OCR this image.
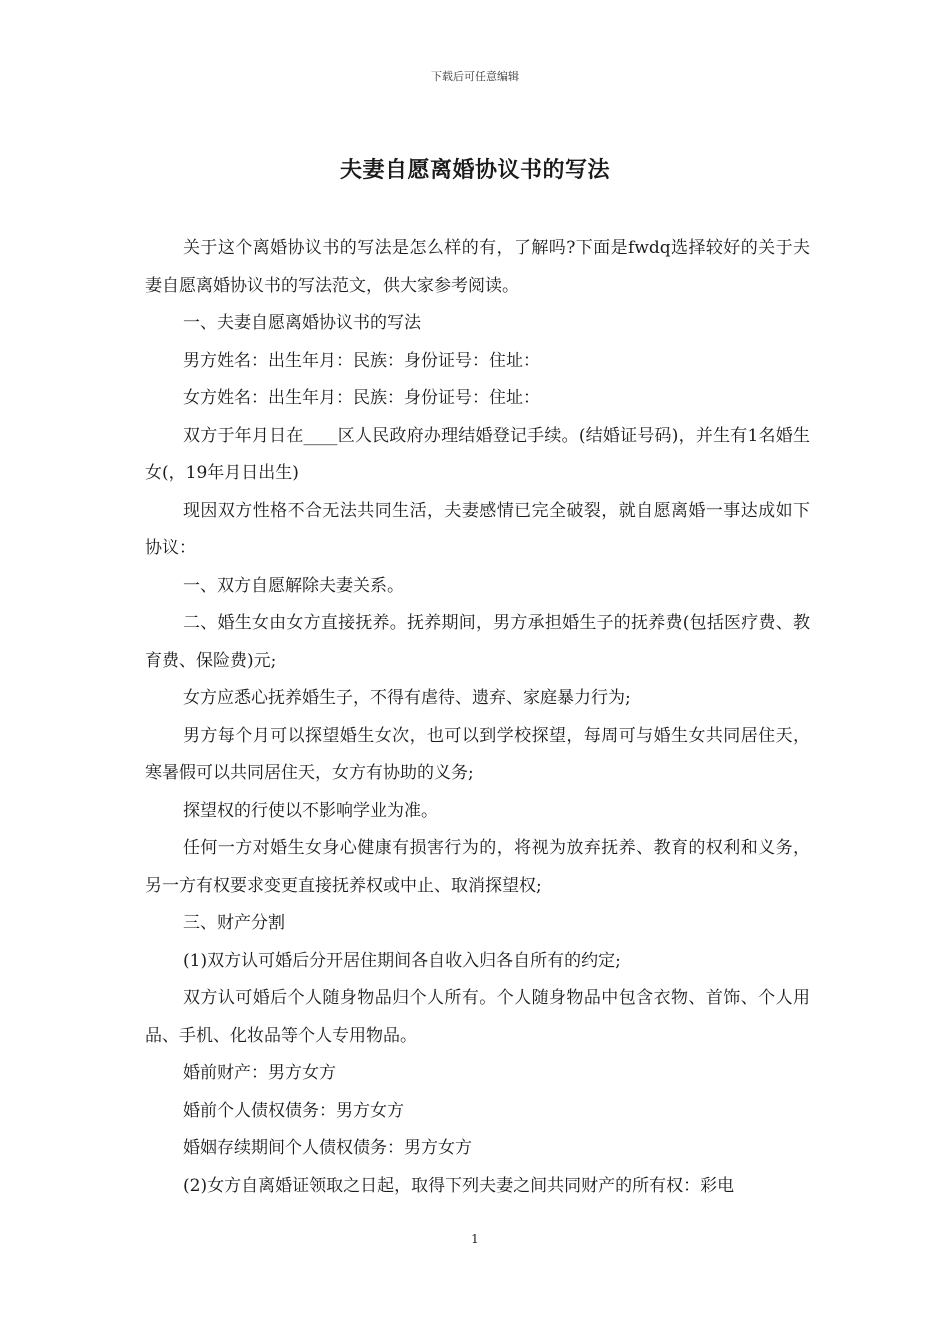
下载后可任意编辑
夫妻自愿离婚协议书的写法

关于这个离婚协议书的写法是怎么样的有，了解吗?下面是fwdq选择较好的关于夫妻自愿离婚协议书的写法范文，供大家参考阅读。

一、夫妻自愿离婚协议书的写法

男方姓名：出生年月：民族：身份证号：住址：

女方姓名：出生年月：民族：身份证号：住址：

双方于年月日在____区人民政府办理结婚登记手续。(结婚证号码)，并生有1名婚生女(，19年月日出生)

现因双方性格不合无法共同生活，夫妻感情已完全破裂，就自愿离婚一事达成如下协议：

一、双方自愿解除夫妻关系。

二、婚生女由女方直接抚养。抚养期间，男方承担婚生子的抚养费(包括医疗费、教育费、保险费)元;

女方应悉心抚养婚生子，不得有虐待、遗弃、家庭暴力行为;

男方每个月可以探望婚生女次，也可以到学校探望，每周可与婚生女共同居住天，寒暑假可以共同居住天，女方有协助的义务;

探望权的行使以不影响学业为准。

任何一方对婚生女身心健康有损害行为的，将视为放弃抚养、教育的权利和义务，另一方有权要求变更直接抚养权或中止、取消探望权;

三、财产分割

(1)双方认可婚后分开居住期间各自收入归各自所有的约定;

双方认可婚后个人随身物品归个人所有。个人随身物品中包含衣物、首饰、个人用品、手机、化妆品等个人专用物品。

婚前财产：男方女方

婚前个人债权债务：男方女方

婚姻存续期间个人债权债务：男方女方

(2)女方自离婚证领取之日起，取得下列夫妻之间共同财产的所有权：彩电

1
